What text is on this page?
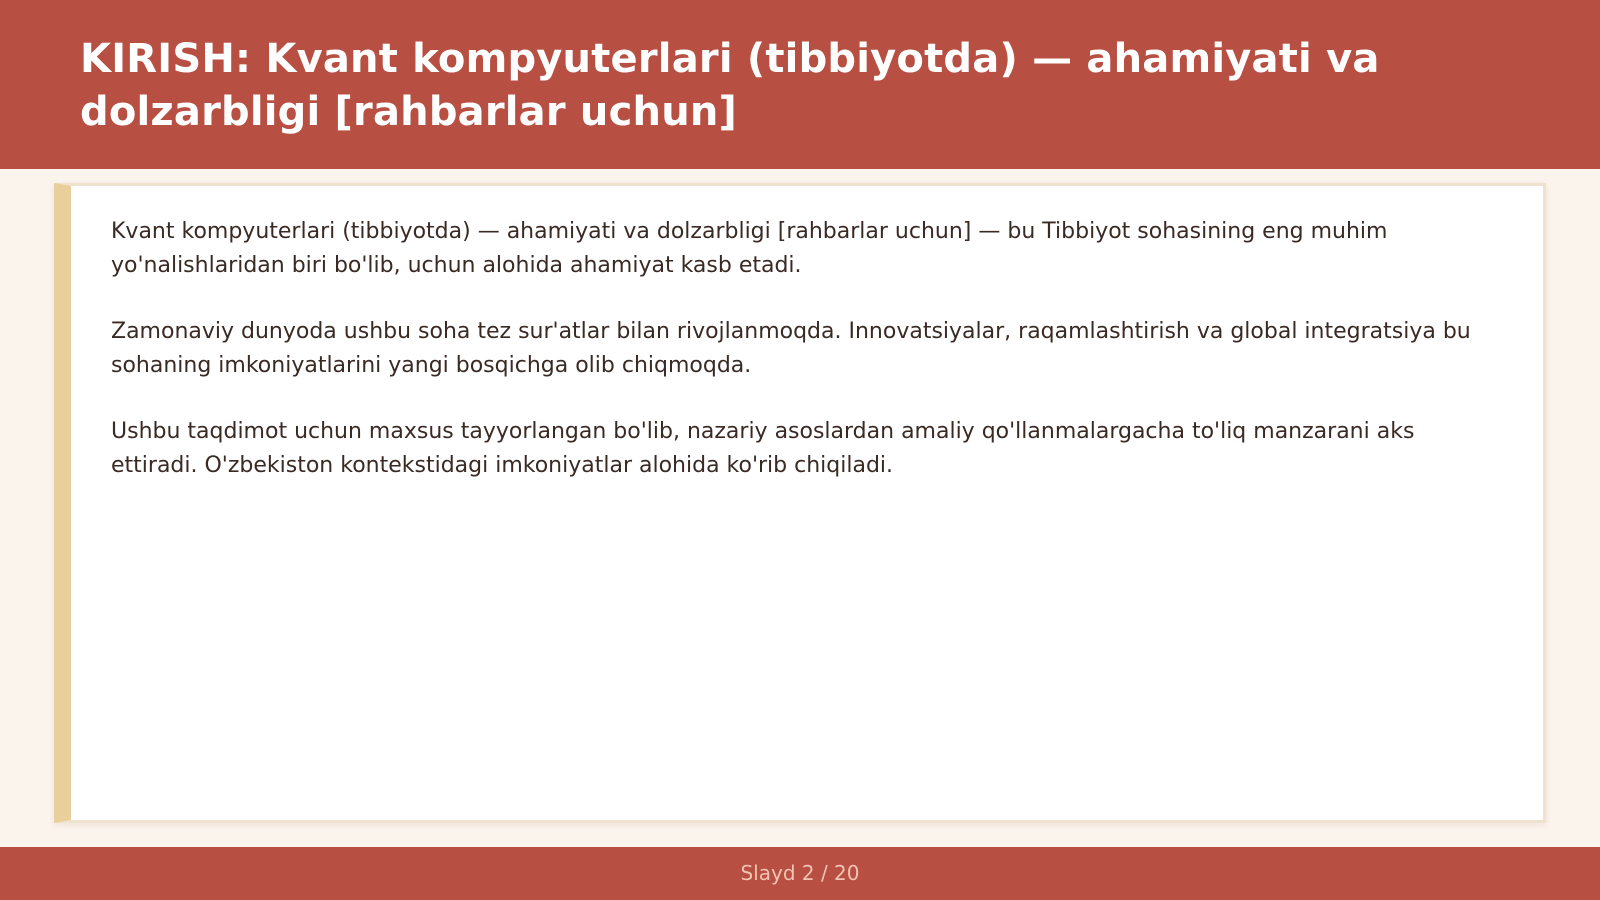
KIRISH: Kvant kompyuterlari (tibbiyotda) — ahamiyati va dolzarbligi [rahbarlar uchun]

Kvant kompyuterlari (tibbiyotda) — ahamiyati va dolzarbligi [rahbarlar uchun] — bu Tibbiyot sohasining eng muhim yo'nalishlaridan biri bo'lib, uchun alohida ahamiyat kasb etadi.

Zamonaviy dunyoda ushbu soha tez sur'atlar bilan rivojlanmoqda. Innovatsiyalar, raqamlashtirish va global integratsiya bu sohaning imkoniyatlarini yangi bosqichga olib chiqmoqda.

Ushbu taqdimot uchun maxsus tayyorlangan bo'lib, nazariy asoslardan amaliy qo'llanmalargacha to'liq manzarani aks ettiradi. O'zbekiston kontekstidagi imkoniyatlar alohida ko'rib chiqiladi.

Slayd 2 / 20
